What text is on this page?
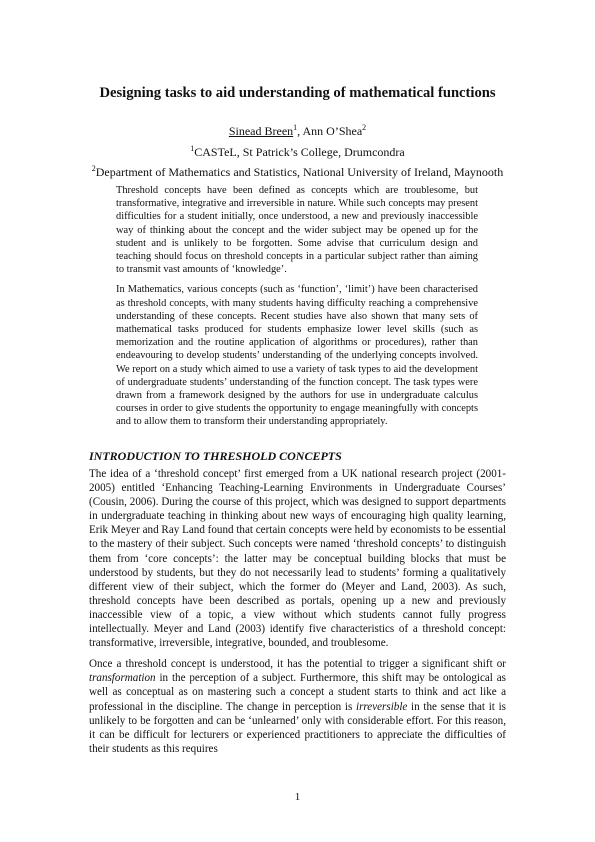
Designing tasks to aid understanding of mathematical functions
Sinead Breen$^1$, Ann O’Shea$^2$
$^1$CASTeL, St Patrick’s College, Drumcondra
$^2$Department of Mathematics and Statistics, National University of Ireland, Maynooth

Threshold concepts have been defined as concepts which are troublesome, but transformative, integrative and irreversible in nature. While such concepts may present difficulties for a student initially, once understood, a new and previously inaccessible way of thinking about the concept and the wider subject may be opened up for the student and is unlikely to be forgotten. Some advise that curriculum design and teaching should focus on threshold concepts in a particular subject rather than aiming to transmit vast amounts of ‘knowledge’.

In Mathematics, various concepts (such as ‘function’, ‘limit’) have been characterised as threshold concepts, with many students having difficulty reaching a comprehensive understanding of these concepts. Recent studies have also shown that many sets of mathematical tasks produced for students emphasize lower level skills (such as memorization and the routine application of algorithms or procedures), rather than endeavouring to develop students’ understanding of the underlying concepts involved. We report on a study which aimed to use a variety of task types to aid the development of undergraduate students’ understanding of the function concept. The task types were drawn from a framework designed by the authors for use in undergraduate calculus courses in order to give students the opportunity to engage meaningfully with concepts and to allow them to transform their understanding appropriately.

INTRODUCTION TO THRESHOLD CONCEPTS

The idea of a ‘threshold concept’ first emerged from a UK national research project (2001-2005) entitled ‘Enhancing Teaching-Learning Environments in Undergraduate Courses’ (Cousin, 2006). During the course of this project, which was designed to support departments in undergraduate teaching in thinking about new ways of encouraging high quality learning, Erik Meyer and Ray Land found that certain concepts were held by economists to be essential to the mastery of their subject. Such concepts were named ‘threshold concepts’ to distinguish them from ‘core concepts’: the latter may be conceptual building blocks that must be understood by students, but they do not necessarily lead to students’ forming a qualitatively different view of their subject, which the former do (Meyer and Land, 2003). As such, threshold concepts have been described as portals, opening up a new and previously inaccessible view of a topic, a view without which students cannot fully progress intellectually. Meyer and Land (2003) identify five characteristics of a threshold concept: transformative, irreversible, integrative, bounded, and troublesome.

Once a threshold concept is understood, it has the potential to trigger a significant shift or transformation in the perception of a subject. Furthermore, this shift may be ontological as well as conceptual as on mastering such a concept a student starts to think and act like a professional in the discipline. The change in perception is irreversible in the sense that it is unlikely to be forgotten and can be ‘unlearned’ only with considerable effort. For this reason, it can be difficult for lecturers or experienced practitioners to appreciate the difficulties of their students as this requires

1
